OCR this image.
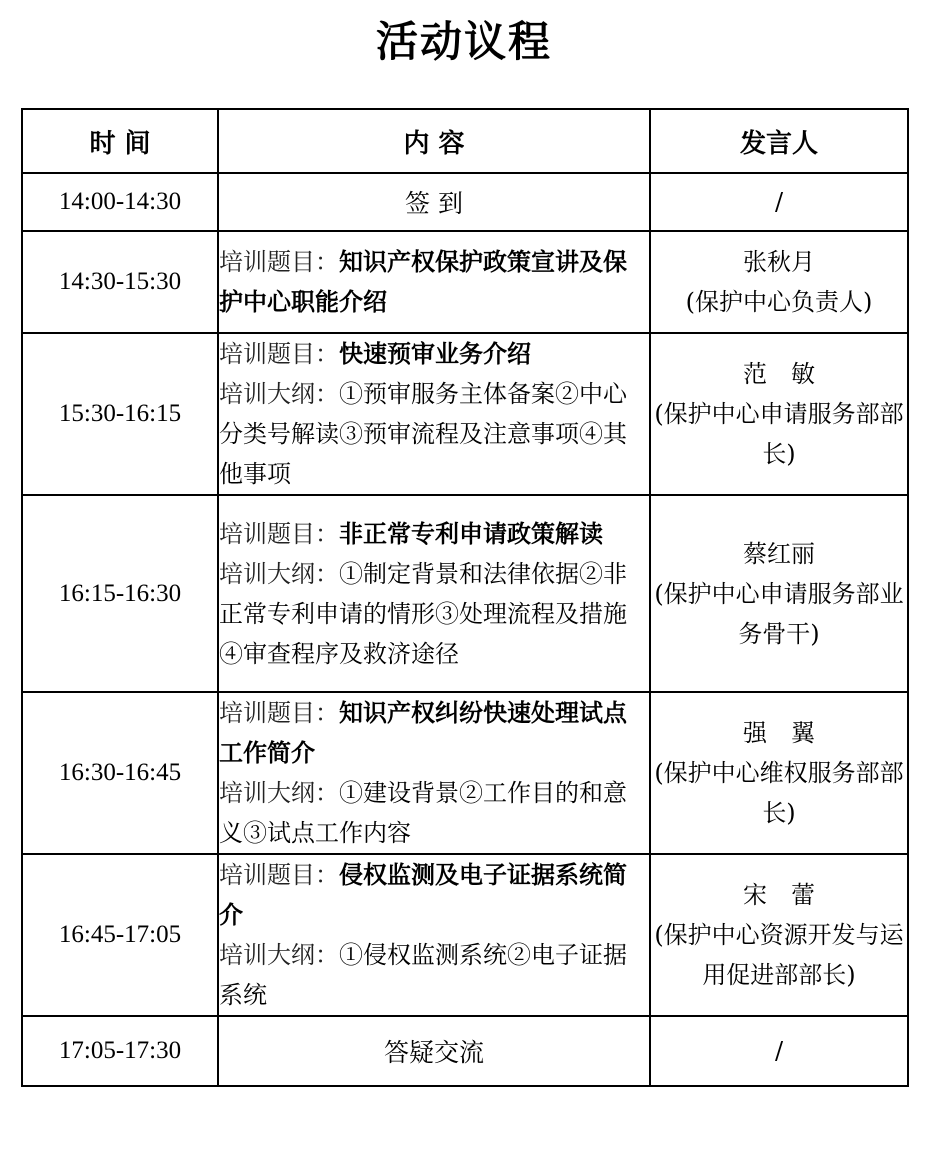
活动议程
时 间	内 容	发言人
14:00-14:30	签 到	/
14:30-15:30	培训题目：知识产权保护政策宣讲及保护中心职能介绍	张秋月
(保护中心负责人)

15:30-16:15	培训题目：快速预审业务介绍
培训大纲：①预审服务主体备案②中心分类号解读③预审流程及注意事项④其他事项	范　敏
(保护中心申请服务部部长)

16:15-16:30	培训题目：非正常专利申请政策解读
培训大纲：①制定背景和法律依据②非正常专利申请的情形③处理流程及措施④审查程序及救济途径	蔡红丽
(保护中心申请服务部业务骨干)

16:30-16:45	培训题目：知识产权纠纷快速处理试点工作简介
培训大纲：①建设背景②工作目的和意义③试点工作内容	强　翼
(保护中心维权服务部部长)

16:45-17:05	培训题目：侵权监测及电子证据系统简介
培训大纲：①侵权监测系统②电子证据系统	宋　蕾
(保护中心资源开发与运用促进部部长)

17:05-17:30	答疑交流	/
